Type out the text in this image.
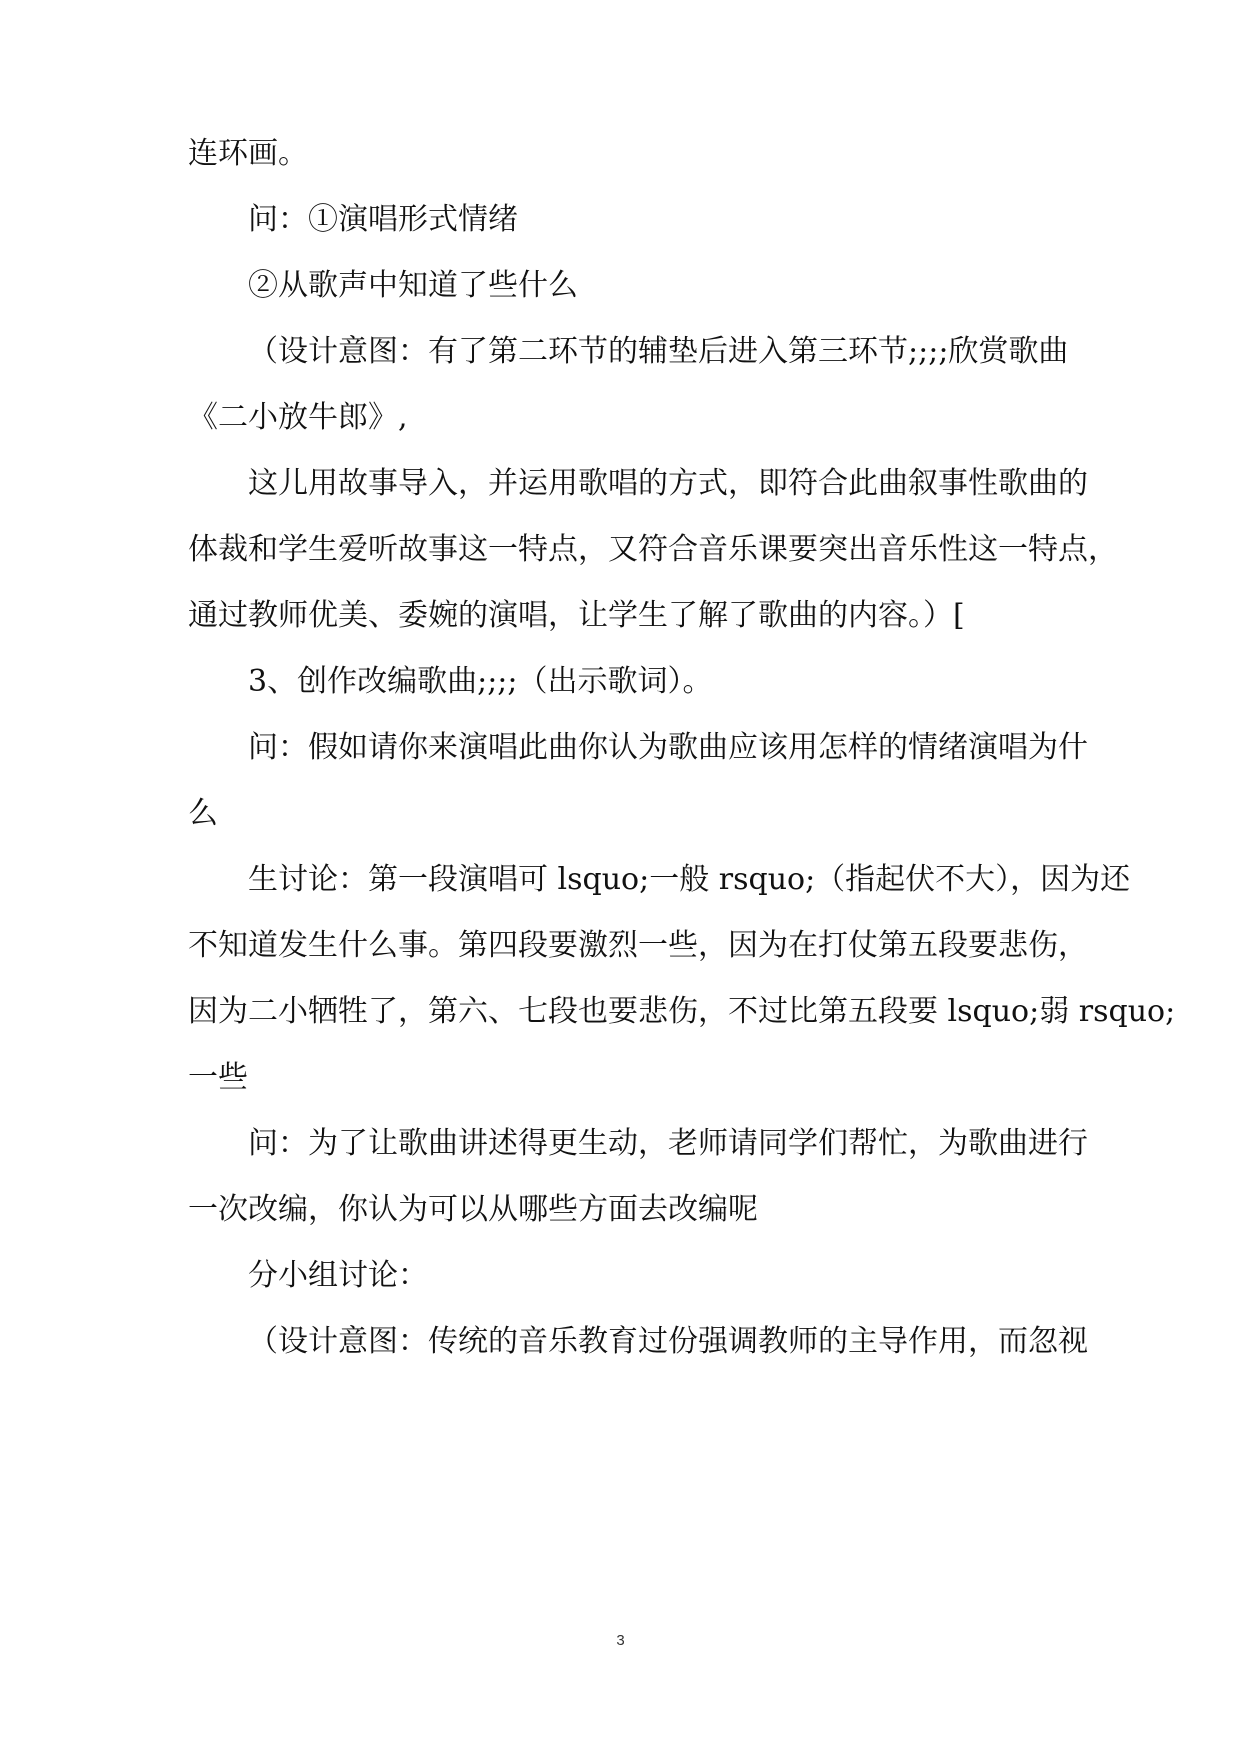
连环画。
问：①演唱形式情绪
②从歌声中知道了些什么
（设计意图：有了第二环节的辅垫后进入第三环节;;;;欣赏歌曲
《二小放牛郎》,
这儿用故事导入，并运用歌唱的方式，即符合此曲叙事性歌曲的
体裁和学生爱听故事这一特点，又符合音乐课要突出音乐性这一特点，
通过教师优美、委婉的演唱，让学生了解了歌曲的内容。）[
3、创作改编歌曲;;;;（出示歌词）。
问：假如请你来演唱此曲你认为歌曲应该用怎样的情绪演唱为什
么
生讨论：第一段演唱可 lsquo;一般 rsquo;（指起伏不大），因为还
不知道发生什么事。第四段要激烈一些，因为在打仗第五段要悲伤，
因为二小牺牲了，第六、七段也要悲伤，不过比第五段要 lsquo;弱 rsquo;
一些
问：为了让歌曲讲述得更生动，老师请同学们帮忙，为歌曲进行
一次改编，你认为可以从哪些方面去改编呢
分小组讨论：
（设计意图：传统的音乐教育过份强调教师的主导作用，而忽视
3
